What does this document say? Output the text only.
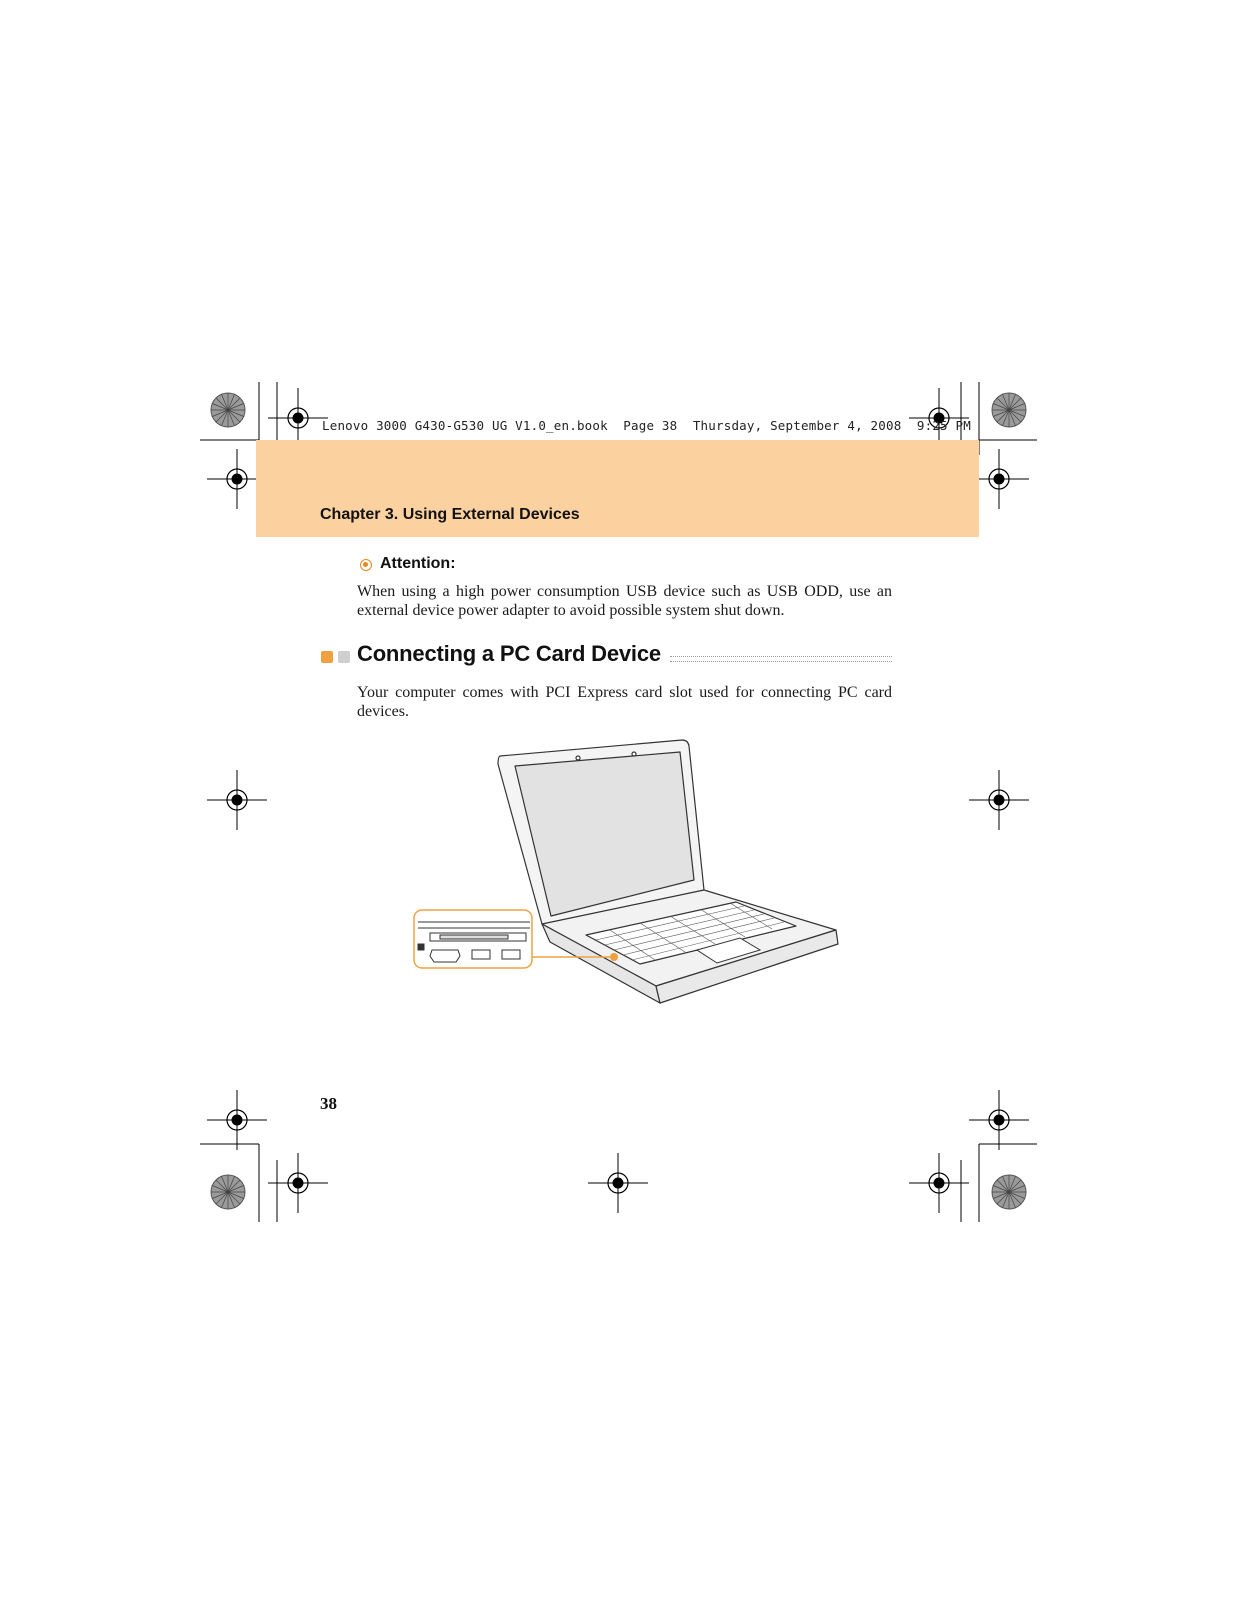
Lenovo 3000 G430-G530 UG V1.0_en.book  Page 38  Thursday, September 4, 2008  9:25 PM
Chapter 3. Using External Devices
Attention:
When using a high power consumption USB device such as USB ODD, use an external device power adapter to avoid possible system shut down.
Connecting a PC Card Device
Your computer comes with PCI Express card slot used for connecting PC card devices.
38
